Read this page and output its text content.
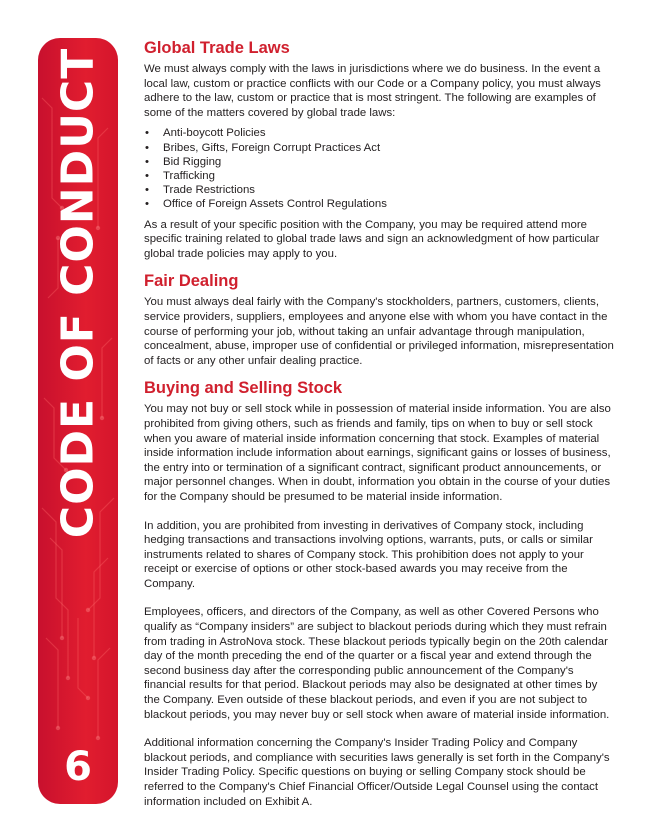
CODE OF CONDUCT
6
Global Trade Laws

We must always comply with the laws in jurisdictions where we do business. In the event a local law, custom or practice conflicts with our Code or a Company policy, you must always adhere to the law, custom or practice that is most stringent. The following are examples of some of the matters covered by global trade laws:

• Anti-boycott Policies
• Bribes, Gifts, Foreign Corrupt Practices Act
• Bid Rigging
• Trafficking
• Trade Restrictions
• Office of Foreign Assets Control Regulations

As a result of your specific position with the Company, you may be required attend more specific training related to global trade laws and sign an acknowledgment of how particular global trade policies may apply to you.

Fair Dealing

You must always deal fairly with the Company's stockholders, partners, customers, clients, service providers, suppliers, employees and anyone else with whom you have contact in the course of performing your job, without taking an unfair advantage through manipulation, concealment, abuse, improper use of confidential or privileged information, misrepresentation of facts or any other unfair dealing practice.

Buying and Selling Stock

You may not buy or sell stock while in possession of material inside information. You are also prohibited from giving others, such as friends and family, tips on when to buy or sell stock when you aware of material inside information concerning that stock. Examples of material inside information include information about earnings, significant gains or losses of business, the entry into or termination of a significant contract, significant product announcements, or major personnel changes. When in doubt, information you obtain in the course of your duties for the Company should be presumed to be material inside information.

In addition, you are prohibited from investing in derivatives of Company stock, including hedging transactions and transactions involving options, warrants, puts, or calls or similar instruments related to shares of Company stock. This prohibition does not apply to your receipt or exercise of options or other stock-based awards you may receive from the Company.

Employees, officers, and directors of the Company, as well as other Covered Persons who qualify as “Company insiders” are subject to blackout periods during which they must refrain from trading in AstroNova stock. These blackout periods typically begin on the 20th calendar day of the month preceding the end of the quarter or a fiscal year and extend through the second business day after the corresponding public announcement of the Company's financial results for that period. Blackout periods may also be designated at other times by the Company. Even outside of these blackout periods, and even if you are not subject to blackout periods, you may never buy or sell stock when aware of material inside information.

Additional information concerning the Company's Insider Trading Policy and Company blackout periods, and compliance with securities laws generally is set forth in the Company's Insider Trading Policy. Specific questions on buying or selling Company stock should be referred to the Company's Chief Financial Officer/Outside Legal Counsel using the contact information included on Exhibit A.
